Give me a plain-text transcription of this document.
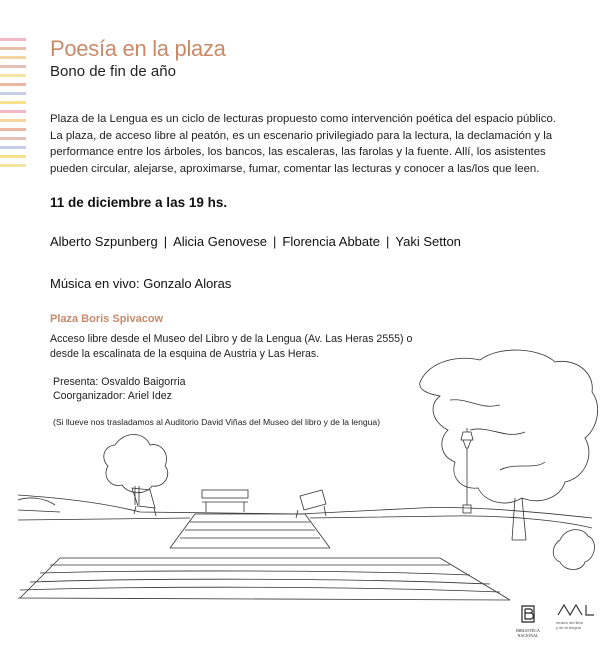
Poesía en la plaza
Bono de fin de año
Plaza de la Lengua es un ciclo de lecturas propuesto como intervención poética del espacio público. La plaza, de acceso libre al peatón, es un escenario privilegiado para la lectura, la declamación y la performance entre los árboles, los bancos, las escaleras, las farolas y la fuente. Allí, los asistentes pueden circular, alejarse, aproximarse, fumar, comentar las lecturas y conocer a las/los que leen.
11 de diciembre a las 19 hs.
Alberto Szpunberg | Alicia Genovese | Florencia Abbate | Yaki Setton
Música en vivo: Gonzalo Aloras
Plaza Boris Spivacow
Acceso libre desde el Museo del Libro y de la Lengua (Av. Las Heras 2555) o desde la escalinata de la esquina de Austria y Las Heras.
Presenta: Osvaldo Baigorria
Coorganizador: Ariel Idez
(Si llueve nos trasladamos al Auditorio David Viñas del Museo del libro y de la lengua)
BIBLIOTECA NACIONAL
museo del libro
y de la lengua
